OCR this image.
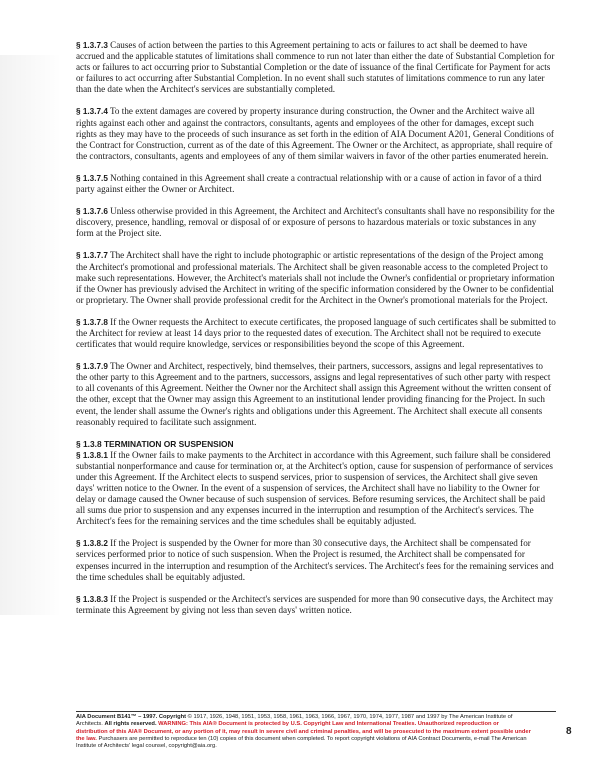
§ 1.3.7.3 Causes of action between the parties to this Agreement pertaining to acts or failures to act shall be deemed to have accrued and the applicable statutes of limitations shall commence to run not later than either the date of Substantial Completion for acts or failures to act occurring prior to Substantial Completion or the date of issuance of the final Certificate for Payment for acts or failures to act occurring after Substantial Completion. In no event shall such statutes of limitations commence to run any later than the date when the Architect's services are substantially completed.

§ 1.3.7.4 To the extent damages are covered by property insurance during construction, the Owner and the Architect waive all rights against each other and against the contractors, consultants, agents and employees of the other for damages, except such rights as they may have to the proceeds of such insurance as set forth in the edition of AIA Document A201, General Conditions of the Contract for Construction, current as of the date of this Agreement. The Owner or the Architect, as appropriate, shall require of the contractors, consultants, agents and employees of any of them similar waivers in favor of the other parties enumerated herein.

§ 1.3.7.5 Nothing contained in this Agreement shall create a contractual relationship with or a cause of action in favor of a third party against either the Owner or Architect.

§ 1.3.7.6 Unless otherwise provided in this Agreement, the Architect and Architect's consultants shall have no responsibility for the discovery, presence, handling, removal or disposal of or exposure of persons to hazardous materials or toxic substances in any form at the Project site.

§ 1.3.7.7 The Architect shall have the right to include photographic or artistic representations of the design of the Project among the Architect's promotional and professional materials. The Architect shall be given reasonable access to the completed Project to make such representations. However, the Architect's materials shall not include the Owner's confidential or proprietary information if the Owner has previously advised the Architect in writing of the specific information considered by the Owner to be confidential or proprietary. The Owner shall provide professional credit for the Architect in the Owner's promotional materials for the Project.

§ 1.3.7.8 If the Owner requests the Architect to execute certificates, the proposed language of such certificates shall be submitted to the Architect for review at least 14 days prior to the requested dates of execution. The Architect shall not be required to execute certificates that would require knowledge, services or responsibilities beyond the scope of this Agreement.

§ 1.3.7.9 The Owner and Architect, respectively, bind themselves, their partners, successors, assigns and legal representatives to the other party to this Agreement and to the partners, successors, assigns and legal representatives of such other party with respect to all covenants of this Agreement. Neither the Owner nor the Architect shall assign this Agreement without the written consent of the other, except that the Owner may assign this Agreement to an institutional lender providing financing for the Project. In such event, the lender shall assume the Owner's rights and obligations under this Agreement. The Architect shall execute all consents reasonably required to facilitate such assignment.

§ 1.3.8 TERMINATION OR SUSPENSION

§ 1.3.8.1 If the Owner fails to make payments to the Architect in accordance with this Agreement, such failure shall be considered substantial nonperformance and cause for termination or, at the Architect's option, cause for suspension of performance of services under this Agreement. If the Architect elects to suspend services, prior to suspension of services, the Architect shall give seven days' written notice to the Owner. In the event of a suspension of services, the Architect shall have no liability to the Owner for delay or damage caused the Owner because of such suspension of services. Before resuming services, the Architect shall be paid all sums due prior to suspension and any expenses incurred in the interruption and resumption of the Architect's services. The Architect's fees for the remaining services and the time schedules shall be equitably adjusted.

§ 1.3.8.2 If the Project is suspended by the Owner for more than 30 consecutive days, the Architect shall be compensated for services performed prior to notice of such suspension. When the Project is resumed, the Architect shall be compensated for expenses incurred in the interruption and resumption of the Architect's services. The Architect's fees for the remaining services and the time schedules shall be equitably adjusted.

§ 1.3.8.3 If the Project is suspended or the Architect's services are suspended for more than 90 consecutive days, the Architect may terminate this Agreement by giving not less than seven days' written notice.

AIA Document B141™ – 1997. Copyright © 1917, 1926, 1948, 1951, 1953, 1958, 1961, 1963, 1966, 1967, 1970, 1974, 1977, 1987 and 1997 by The American Institute of Architects. All rights reserved. WARNING: This AIA® Document is protected by U.S. Copyright Law and International Treaties. Unauthorized reproduction or distribution of this AIA® Document, or any portion of it, may result in severe civil and criminal penalties, and will be prosecuted to the maximum extent possible under the law. Purchasers are permitted to reproduce ten (10) copies of this document when completed. To report copyright violations of AIA Contract Documents, e-mail The American Institute of Architects' legal counsel, copyright@aia.org.
8
